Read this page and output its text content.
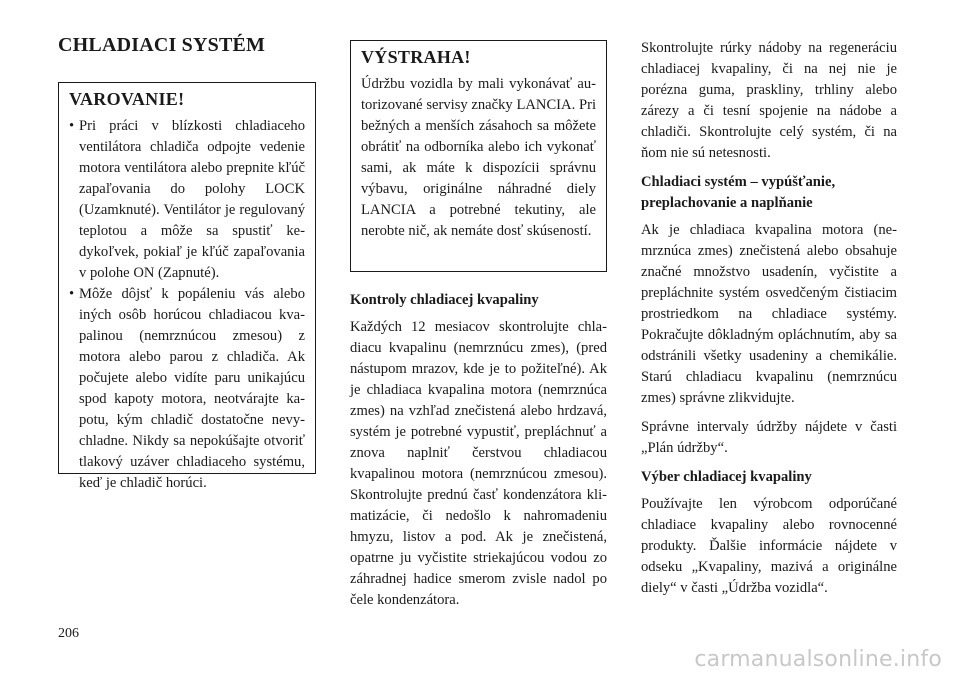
CHLADIACI SYSTÉM
VAROVANIE!
• Pri práci v blízkosti chladiaceho ventilátora chladiča odpojte vedenie motora ventilátora alebo prepnite kľúč zapaľovania do polohy LOCK (Uzamknuté). Ventilátor je regulovaný teplotou a môže sa spustiť kedykoľvek, pokiaľ je kľúč zapaľovania v polohe ON (Zapnuté).
• Môže dôjsť k popáleniu vás alebo iných osôb horúcou chladiacou kvapalinou (nemrznúcou zmesou) z motora alebo parou z chladiča. Ak počujete alebo vidíte paru unikajúcu spod kapoty motora, neotvárajte kapotu, kým chladič dostatočne nevychladne. Nikdy sa nepokúšajte otvoriť tlakový uzáver chladiaceho systému, keď je chladič horúci.
VÝSTRAHA!

Údržbu vozidla by mali vykonávať autorizované servisy značky LANCIA. Pri bežných a menších zásahoch sa môžete obrátiť na odborníka alebo ich vykonať sami, ak máte k dispozícii správnu výbavu, originálne náhradné diely LANCIA a potrebné tekutiny, ale nerobte nič, ak nemáte dosť skúseností.

Kontroly chladiacej kvapaliny

Každých 12 mesiacov skontrolujte chladiacu kvapalinu (nemrznúcu zmes), (pred nástupom mrazov, kde je to požiteľné). Ak je chladiaca kvapalina motora (nemrznúca zmes) na vzhľad znečistená alebo hrdzavá, systém je potrebné vypustiť, prepláchnuť a znova naplniť čerstvou chladiacou kvapalinou motora (nemrznúcou zmesou). Skontrolujte prednú časť kondenzátora klimatizácie, či nedošlo k nahromadeniu hmyzu, listov a pod. Ak je znečistená, opatrne ju vyčistite striekajúcou vodou zo záhradnej hadice smerom zvisle nadol po čele kondenzátora.

Skontrolujte rúrky nádoby na regeneráciu chladiacej kvapaliny, či na nej nie je porézna guma, praskliny, trhliny alebo zárezy a či tesní spojenie na nádobe a chladiči. Skontrolujte celý systém, či na ňom nie sú netesnosti.

Chladiaci systém – vypúšťanie, preplachovanie a naplňanie

Ak je chladiaca kvapalina motora (nemrznúca zmes) znečistená alebo obsahuje značné množstvo usadenín, vyčistite a prepláchnite systém osvedčeným čistiacim prostriedkom na chladiace systémy. Pokračujte dôkladným opláchnutím, aby sa odstránili všetky usadeniny a chemikálie. Starú chladiacu kvapalinu (nemrznúcu zmes) správne zlikvidujte.

Správne intervaly údržby nájdete v časti „Plán údržby“.

Výber chladiacej kvapaliny

Používajte len výrobcom odporúčané chladiace kvapaliny alebo rovnocenné produkty. Ďalšie informácie nájdete v odseku „Kvapaliny, mazivá a originálne diely“ v časti „Údržba vozidla“.

206
carmanualsonline.info
